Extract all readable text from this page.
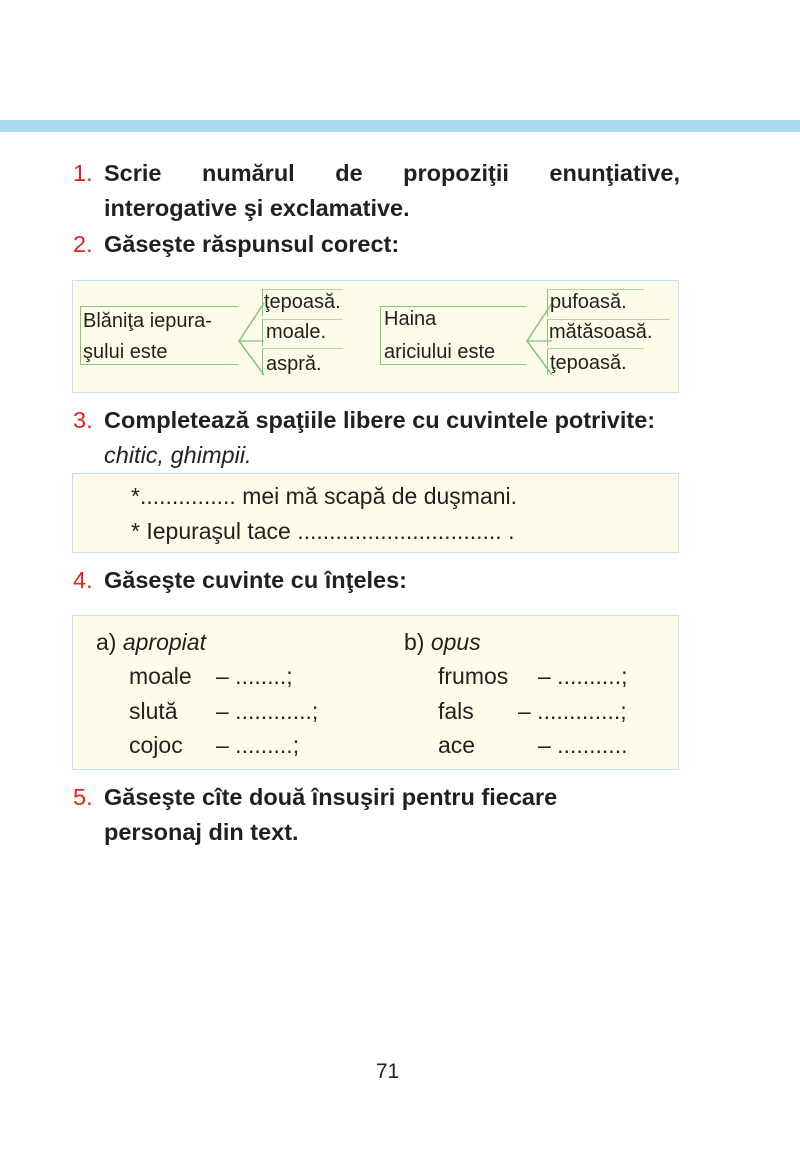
1. Scrie numărul de propoziţii enunţiative, interogative şi exclamative.
2. Găseşte răspunsul corect:
Blăniţa iepura-
şului este
ţepoasă.
moale.
aspră.
Haina
ariciului este
pufoasă.
mătăsoasă.
ţepoasă.
3. Completează spaţiile libere cu cuvintele potrivite: chitic, ghimpii.
*............... mei mă scapă de duşmani.
* Iepuraşul tace ................................ .
4. Găseşte cuvinte cu înţeles:
a) apropiat
moale – ........;
slută – ............;
cojoc – .........;
b) opus
frumos – ..........;
fals – .............;
ace	– ...........
5. Găseşte cîte două însuşiri pentru fiecare personaj din text.
71
